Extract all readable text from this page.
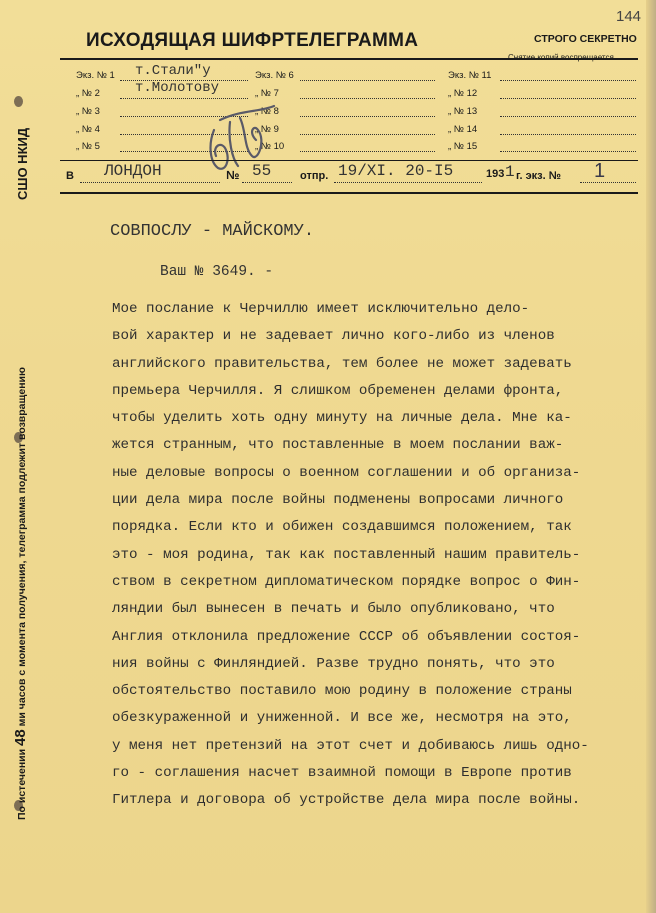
144
ИСХОДЯЩАЯ ШИФРТЕЛЕГРАММА	СТРОГО СЕКРЕТНО
Экз. № 1 т.Стали"у
„ № 2	т.Молотову
„ № 3
„ № 4
„ № 5
Экз. № 6
„ № 7
„ № 8
„ № 9
„ № 10
Экз. № 11
„ № 12
„ № 13
„ № 14
„ № 15
В ЛОНДОН	№ 55	отпр. 19/XI. 20-I5	193 1 г. экз. № 1
По истечении 48 ми часов с момента получения, телеграмма подлежит возвращению
СШО НКИД
СОВПОСЛУ - МАЙСКОМУ.
Ваш № 3649. -
Мое послание к Черчиллю имеет исключительно дело-
вой характер и не задевает лично кого-либо из членов
английского правительства, тем более не может задевать
премьера Черчилля. Я слишком обременен делами фронта,
чтобы уделить хоть одну минуту на личные дела. Мне ка-
жется странным, что поставленные в моем послании важ-
ные деловые вопросы о военном соглашении и об организа-
ции дела мира после войны подменены вопросами личного
порядка. Если кто и обижен создавшимся положением, так
это - моя родина, так как поставленный нашим правитель-
ством в секретном дипломатическом порядке вопрос о Фин-
ляндии был вынесен в печать и было опубликовано, что
Англия отклонила предложение СССР об объявлении состоя-
ния войны с Финляндией. Разве трудно понять, что это
обстоятельство поставило мою родину в положение страны
обезкураженной и униженной. И все же, несмотря на это,
у меня нет претензий на этот счет и добиваюсь лишь одно-
го - соглашения насчет взаимной помощи в Европе против
Гитлера и договора об устройстве дела мира после войны.
